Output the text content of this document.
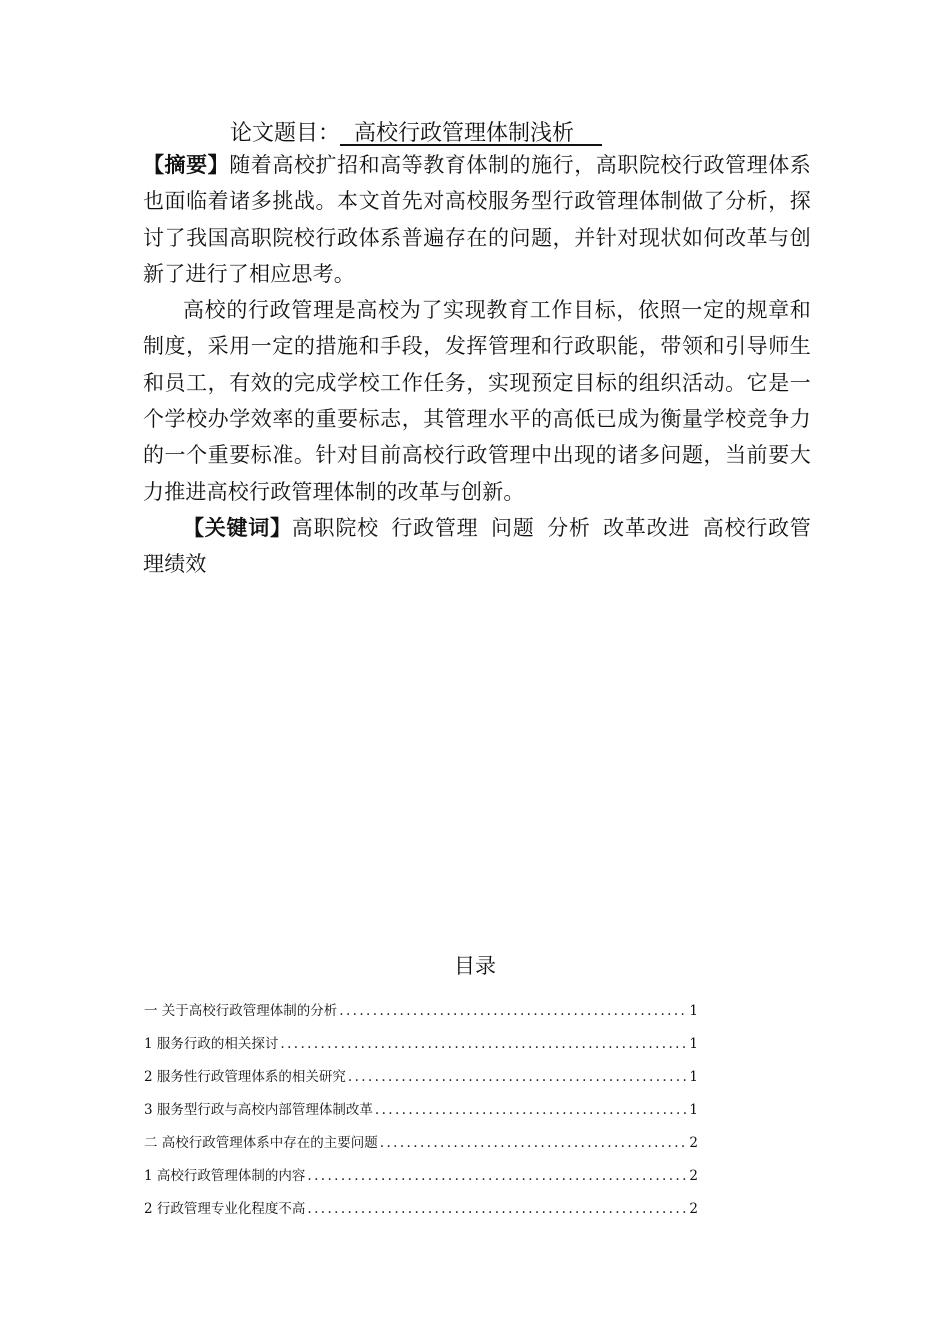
论文题目：  高校行政管理体制浅析

【摘要】随着高校扩招和高等教育体制的施行，高职院校行政管理体系也面临着诸多挑战。本文首先对高校服务型行政管理体制做了分析，探讨了我国高职院校行政体系普遍存在的问题，并针对现状如何改革与创新了进行了相应思考。

高校的行政管理是高校为了实现教育工作目标，依照一定的规章和制度，采用一定的措施和手段，发挥管理和行政职能，带领和引导师生和员工，有效的完成学校工作任务，实现预定目标的组织活动。它是一个学校办学效率的重要标志，其管理水平的高低已成为衡量学校竞争力的一个重要标准。针对目前高校行政管理中出现的诸多问题，当前要大力推进高校行政管理体制的改革与创新。

【关键词】高职院校 行政管理 问题 分析 改革改进 高校行政管理绩效

目录
一 关于高校行政管理体制的分析 .....	1
1 服务行政的相关探讨 .....	1
2 服务性行政管理体系的相关研究 .....	1
3 服务型行政与高校内部管理体制改革 .....	1
二 高校行政管理体系中存在的主要问题 .....	2
1 高校行政管理体制的内容 .....	2
2 行政管理专业化程度不高 .....	2
